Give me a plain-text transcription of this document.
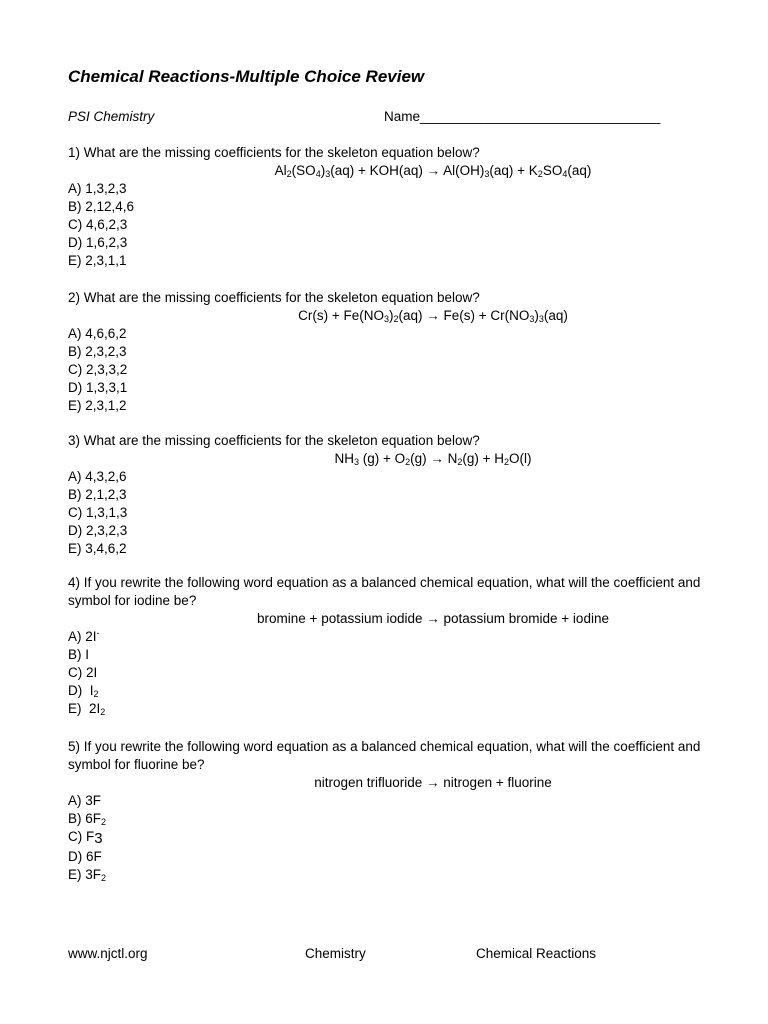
Chemical Reactions-Multiple Choice Review
PSI Chemistry	Name________________________________
1) What are the missing coefficients for the skeleton equation below?
$Al_2(SO_4)_3(aq) + KOH(aq) \to Al(OH)_3(aq) + K_2SO_4(aq)$
A) 1,3,2,3
B) 2,12,4,6
C) 4,6,2,3
D) 1,6,2,3
E) 2,3,1,1
2) What are the missing coefficients for the skeleton equation below?
$Cr(s) + Fe(NO_3)_2(aq) \to Fe(s) + Cr(NO_3)_3(aq)$
A) 4,6,6,2
B) 2,3,2,3
C) 2,3,3,2
D) 1,3,3,1
E) 2,3,1,2
3) What are the missing coefficients for the skeleton equation below?
$NH_3$ $(g) + O_2(g) \to N_2(g) + H_2O(l)$
A) 4,3,2,6
B) 2,1,2,3
C) 1,3,1,3
D) 2,3,2,3
E) 3,4,6,2
4) If you rewrite the following word equation as a balanced chemical equation, what will the coefficient and symbol for iodine be?
bromine + potassium iodide → potassium bromide + iodine
A) 2I-
B) I
C) 2I
D)  $I_2$
E)  $2I_2$
5) If you rewrite the following word equation as a balanced chemical equation, what will the coefficient and symbol for fluorine be?
nitrogen trifluoride → nitrogen + fluorine
A) 3F
B) $6F_2$
C) F3
D) 6F
E) $3F_2$
www.njctl.org	Chemistry	Chemical Reactions
